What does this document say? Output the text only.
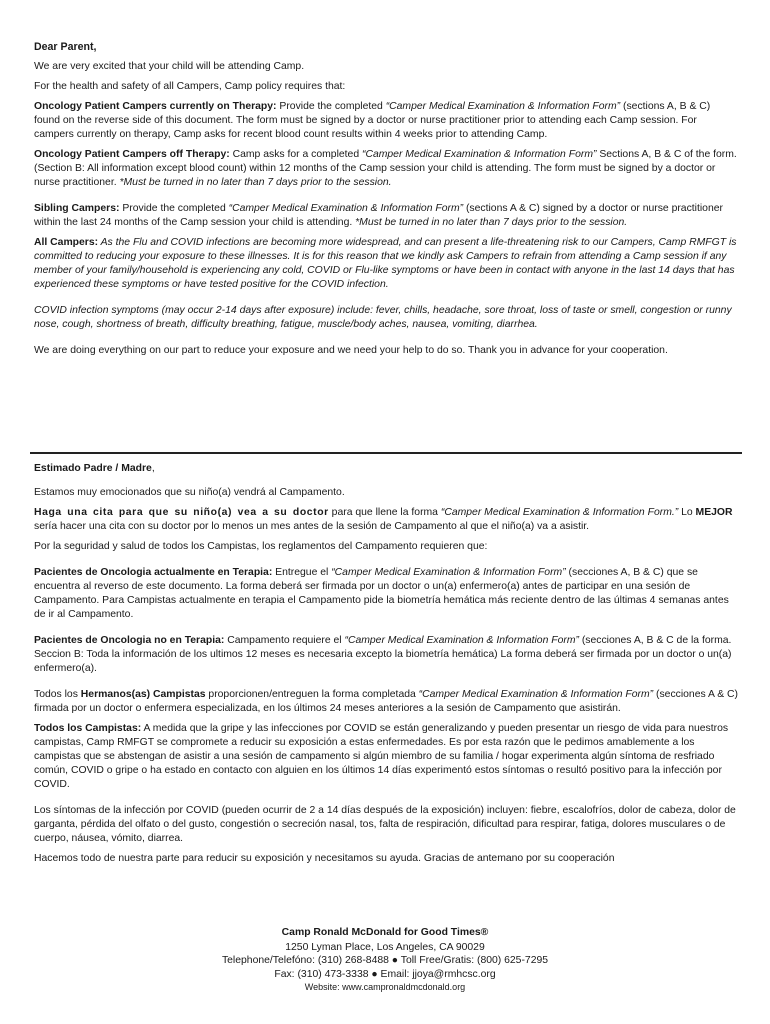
Dear Parent,

We are very excited that your child will be attending Camp.

For the health and safety of all Campers, Camp policy requires that:

Oncology Patient Campers currently on Therapy: Provide the completed “Camper Medical Examination & Information Form” (sections A, B & C) found on the reverse side of this document. The form must be signed by a doctor or nurse practitioner prior to attending each Camp session. For campers currently on therapy, Camp asks for recent blood count results within 4 weeks prior to attending Camp.

Oncology Patient Campers off Therapy: Camp asks for a completed “Camper Medical Examination & Information Form” Sections A, B & C of the form. (Section B: All information except blood count) within 12 months of the Camp session your child is attending. The form must be signed by a doctor or nurse practitioner. *Must be turned in no later than 7 days prior to the session.

Sibling Campers: Provide the completed “Camper Medical Examination & Information Form” (sections A & C) signed by a doctor or nurse practitioner within the last 24 months of the Camp session your child is attending. *Must be turned in no later than 7 days prior to the session.

All Campers: As the Flu and COVID infections are becoming more widespread, and can present a life-threatening risk to our Campers, Camp RMFGT is committed to reducing your exposure to these illnesses. It is for this reason that we kindly ask Campers to refrain from attending a Camp session if any member of your family/household is experiencing any cold, COVID or Flu-like symptoms or have been in contact with anyone in the last 14 days that has experienced these symptoms or have tested positive for the COVID infection.

COVID infection symptoms (may occur 2-14 days after exposure) include: fever, chills, headache, sore throat, loss of taste or smell, congestion or runny nose, cough, shortness of breath, difficulty breathing, fatigue, muscle/body aches, nausea, vomiting, diarrhea.

We are doing everything on our part to reduce your exposure and we need your help to do so. Thank you in advance for your cooperation.

Estimado Padre / Madre,

Estamos muy emocionados que su niño(a) vendrá al Campamento.

Haga una cita para que su niño(a) vea a su doctor para que llene la forma “Camper Medical Examination & Information Form.” Lo MEJOR sería hacer una cita con su doctor por lo menos un mes antes de la sesión de Campamento al que el niño(a) va a asistir.

Por la seguridad y salud de todos los Campistas, los reglamentos del Campamento requieren que:

Pacientes de Oncologia actualmente en Terapia: Entregue el “Camper Medical Examination & Information Form” (secciones A, B & C) que se encuentra al reverso de este documento. La forma deberá ser firmada por un doctor o un(a) enfermero(a) antes de participar en una sesión de Campamento. Para Campistas actualmente en terapia el Campamento pide la biometría hemática más reciente dentro de las últimas 4 semanas antes de ir al Campamento.

Pacientes de Oncologia no en Terapia: Campamento requiere el “Camper Medical Examination & Information Form” (secciones A, B & C de la forma. Seccion B: Toda la información de los ultimos 12 meses es necesaria excepto la biometría hemática) La forma deberá ser firmada por un doctor o un(a) enfermero(a).

Todos los Hermanos(as) Campistas proporcionen/entreguen la forma completada “Camper Medical Examination & Information Form” (secciones A & C) firmada por un doctor o enfermera especializada, en los últimos 24 meses anteriores a la sesión de Campamento que asistirán.

Todos los Campistas: A medida que la gripe y las infecciones por COVID se están generalizando y pueden presentar un riesgo de vida para nuestros campistas, Camp RMFGT se compromete a reducir su exposición a estas enfermedades. Es por esta razón que le pedimos amablemente a los campistas que se abstengan de asistir a una sesión de campamento si algún miembro de su familia / hogar experimenta algún síntoma de resfriado común, COVID o gripe o ha estado en contacto con alguien en los últimos 14 días experimentó estos síntomas o resultó positivo para la infección por COVID.

Los síntomas de la infección por COVID (pueden ocurrir de 2 a 14 días después de la exposición) incluyen: fiebre, escalofríos, dolor de cabeza, dolor de garganta, pérdida del olfato o del gusto, congestión o secreción nasal, tos, falta de respiración, dificultad para respirar, fatiga, dolores musculares o de cuerpo, náusea, vómito, diarrea.

Hacemos todo de nuestra parte para reducir su exposición y necesitamos su ayuda. Gracias de antemano por su cooperación

Camp Ronald McDonald for Good Times®

1250 Lyman Place, Los Angeles, CA 90029

Telephone/Telefóno: (310) 268-8488 ● Toll Free/Gratis: (800) 625-7295

Fax: (310) 473-3338 ● Email: jjoya@rmhcsc.org

Website: www.campronaldmcdonald.org
